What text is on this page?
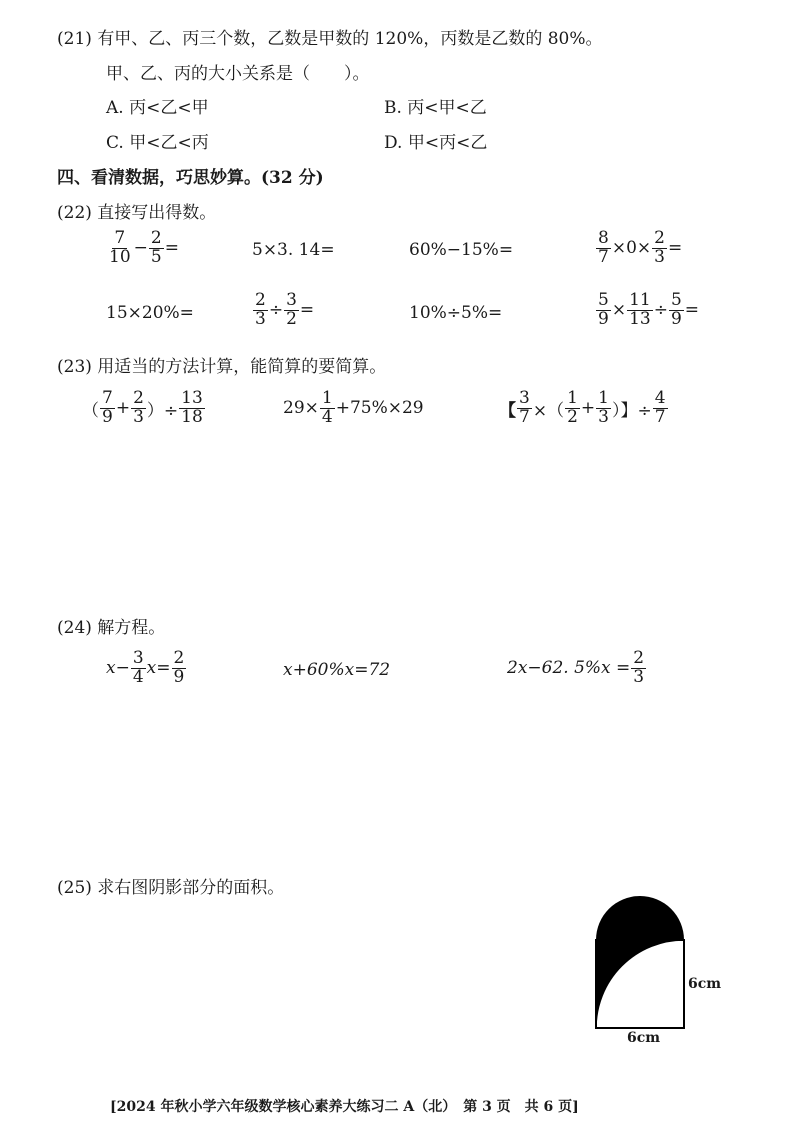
(21) 有甲、乙、丙三个数，乙数是甲数的 120%，丙数是乙数的 80%。
甲、乙、丙的大小关系是（　　）。
A. 丙<乙<甲	B. 丙<甲<乙
C. 甲<乙<丙	D. 甲<丙<乙
四、看清数据，巧思妙算。(32 分)
(22) 直接写出得数。
$\frac{7}{10} - \frac{2}{5}$ =	5×3. 14=	60%−15%=	$\frac{8}{7} \times 0\times \frac{2}{3}$ =
15×20%=	$\frac{2}{3} \div \frac{3}{2}$ =	10%÷5%=	$\frac{5}{9} \times \frac{11}{13} \div \frac{5}{9}$ =
(23) 用适当的方法计算，能简算的要简算。
（ $\frac{7}{9} + \frac{2}{3}$ ）÷ $\frac{13}{18}$	$29\times \frac{1}{4} +75\%\times 29$	【 $\frac{3}{7}$ ×（ $\frac{1}{2} + \frac{1}{3}$ ）】÷ $\frac{4}{7}$
(24) 解方程。
$x- \frac{3}{4} x= \frac{2}{9}$	x+60%x=72	2x−62. $5\%x = \frac{2}{3}$
(25) 求右图阴影部分的面积。
6cm
6cm
[2024 年秋小学六年级数学核心素养大练习二 A（北）　第 3 页　共 6 页]
